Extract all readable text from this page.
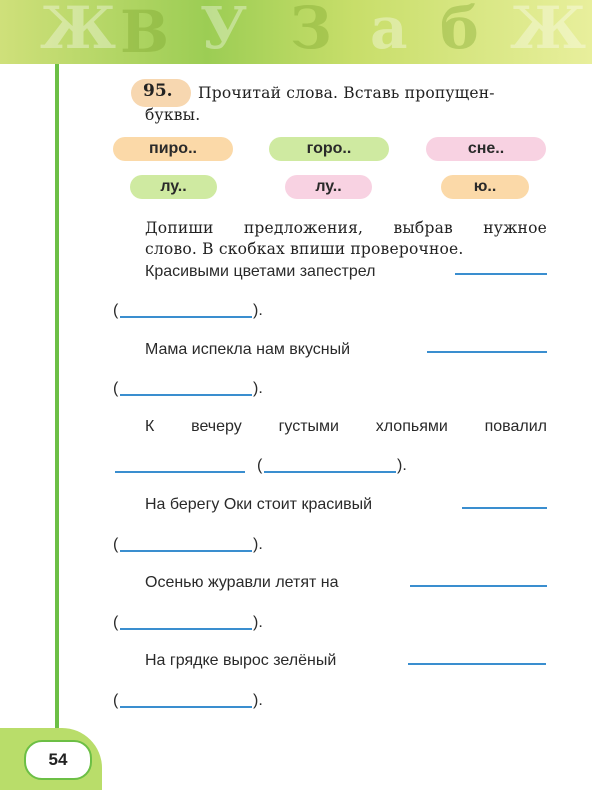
Ж В У З а б Ж
95. Прочитай слова. Вставь пропущен-
буквы.
пиро..	горо..	сне..
лу..	лу..	ю..
Допиши предложения, выбрав нужное
слово. В скобках впиши проверочное.
Красивыми цветами запестрел
(	).
Мама испекла нам вкусный
(	).
К вечеру густыми хлопьями повалил
(	).
На берегу Оки стоит красивый
(	).
Осенью журавли летят на
(	).
На грядке вырос зелёный
(	).
54
